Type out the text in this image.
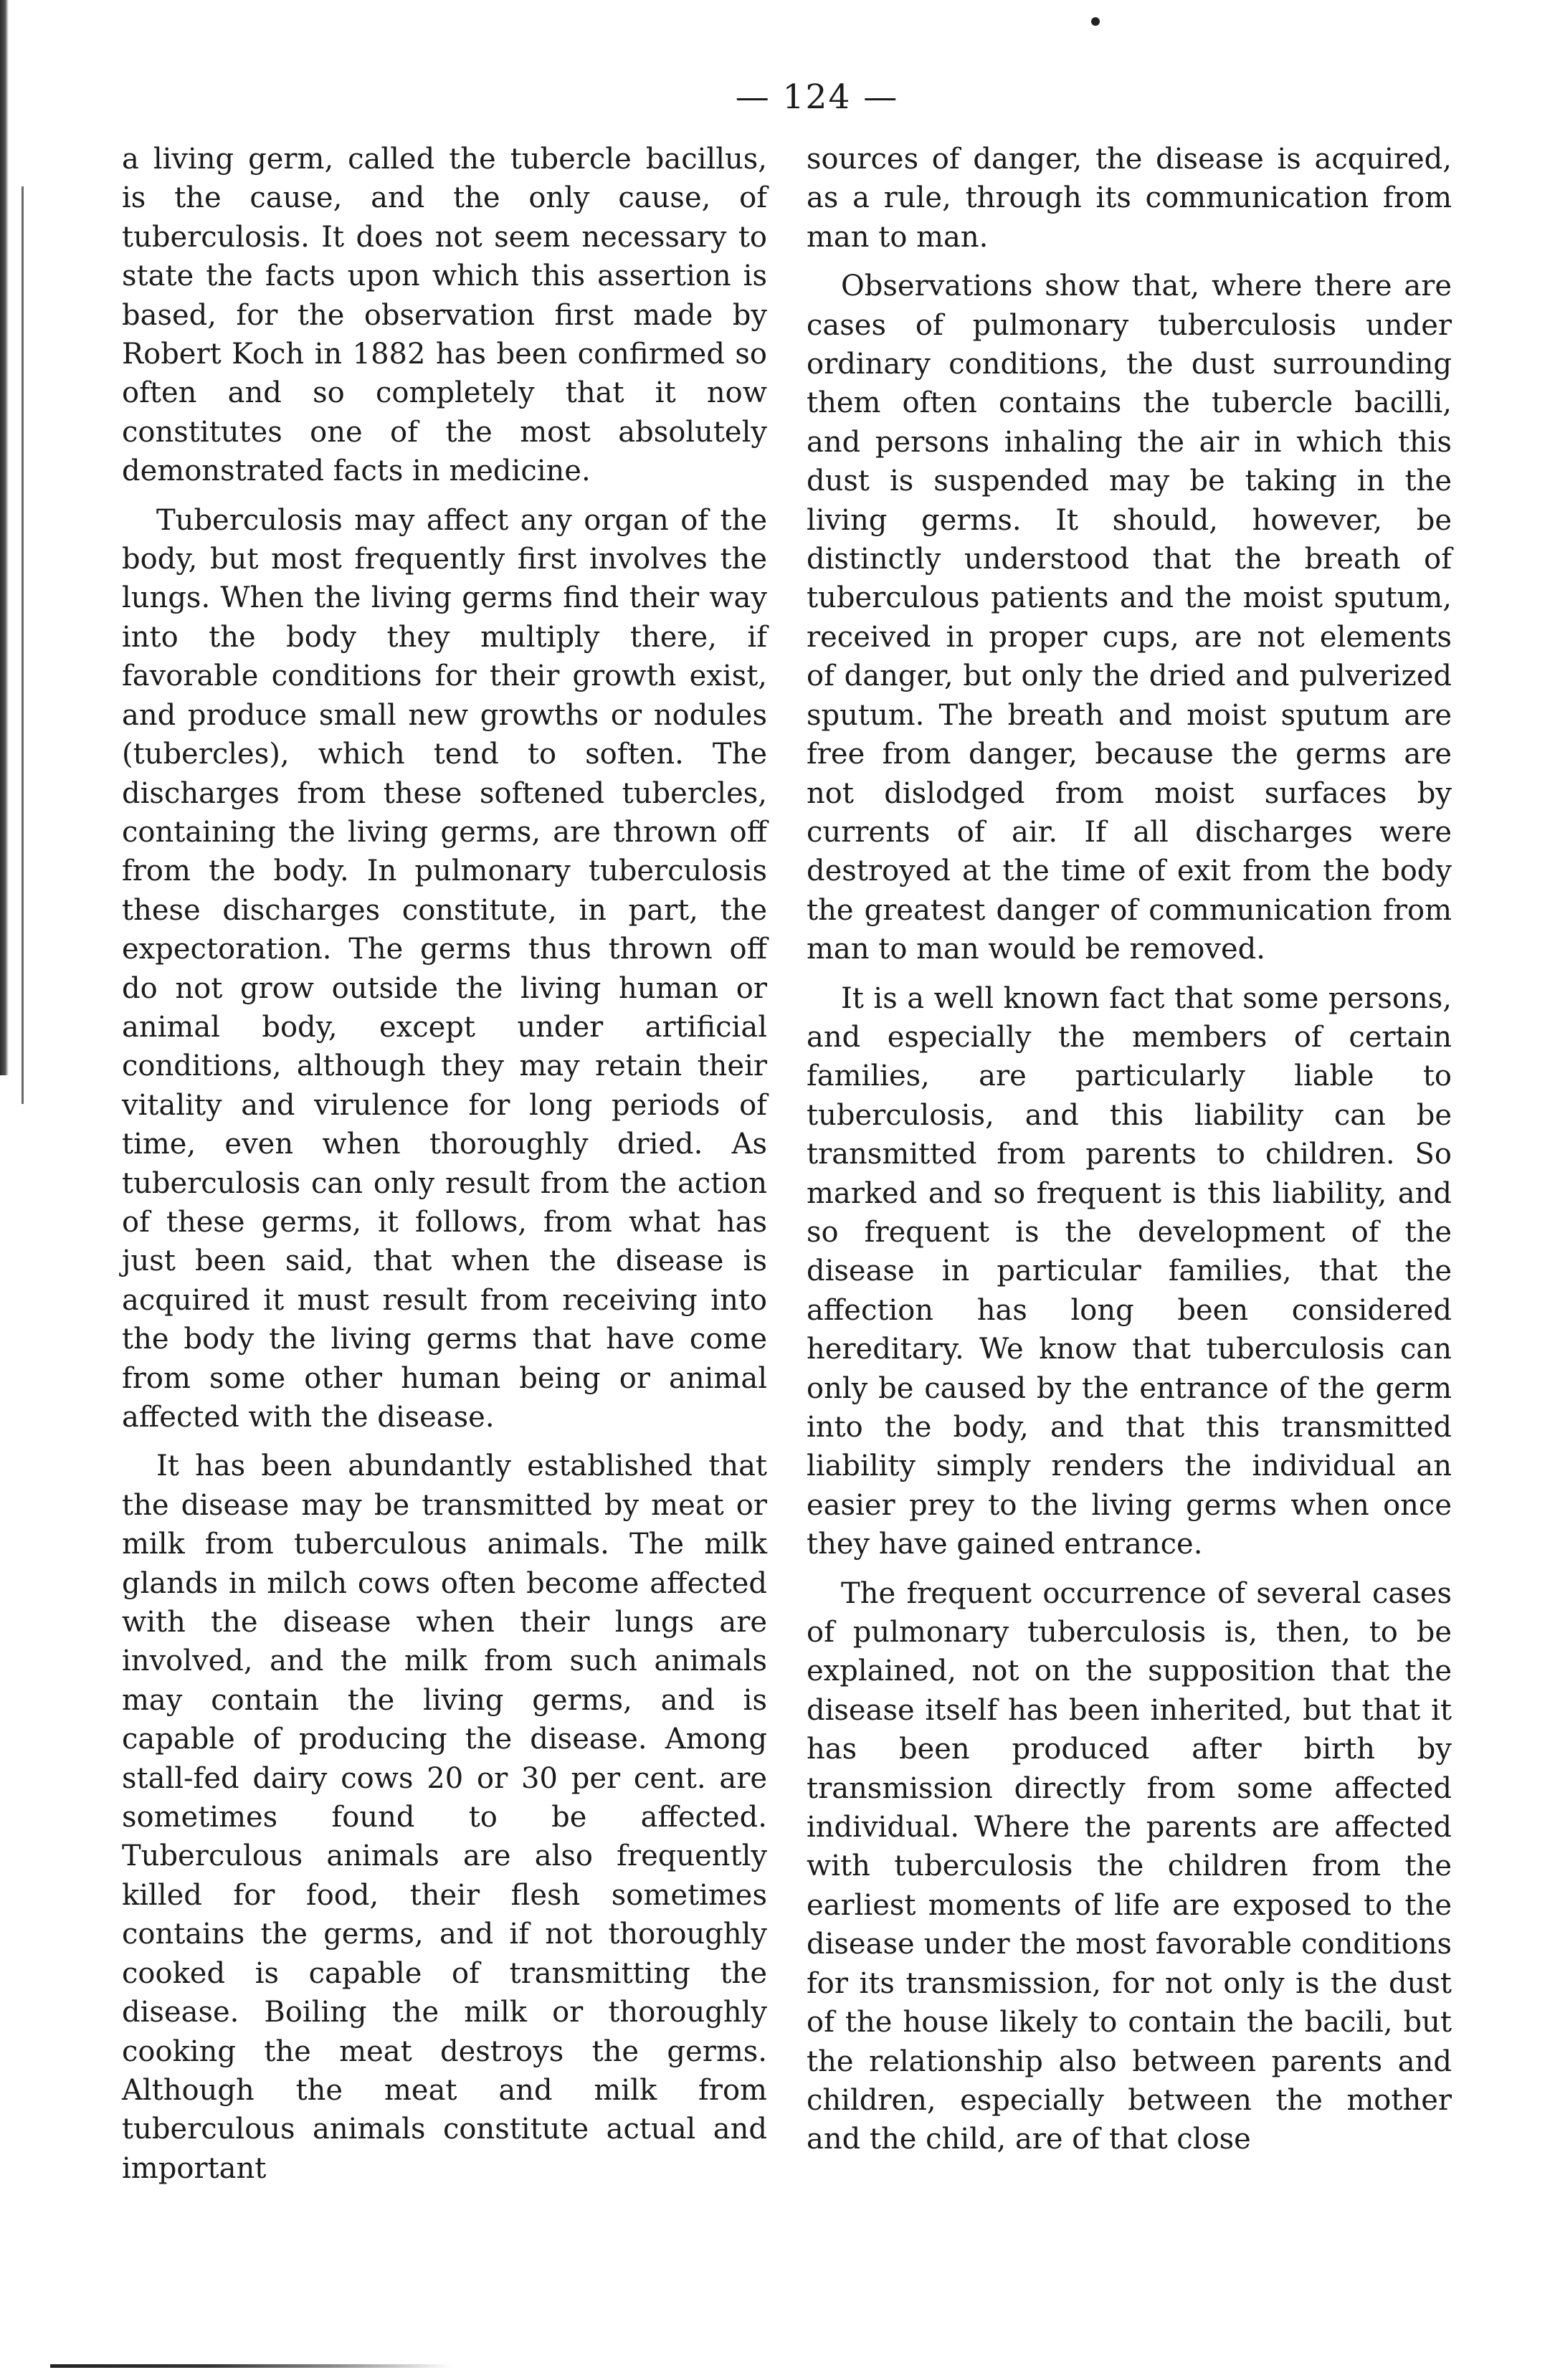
— 124 —

a living germ, called the tubercle bacillus, is the cause, and the only cause, of tuberculosis. It does not seem necessary to state the facts upon which this assertion is based, for the observation first made by Robert Koch in 1882 has been confirmed so often and so completely that it now constitutes one of the most absolutely demonstrated facts in medicine.

Tuberculosis may affect any organ of the body, but most frequently first involves the lungs. When the living germs find their way into the body they multiply there, if favorable conditions for their growth exist, and produce small new growths or nodules (tubercles), which tend to soften. The discharges from these softened tubercles, containing the living germs, are thrown off from the body. In pulmonary tuberculosis these discharges constitute, in part, the expectoration. The germs thus thrown off do not grow outside the living human or animal body, except under artificial conditions, although they may retain their vitality and virulence for long periods of time, even when thoroughly dried. As tuberculosis can only result from the action of these germs, it follows, from what has just been said, that when the disease is acquired it must result from receiving into the body the living germs that have come from some other human being or animal affected with the disease.

It has been abundantly established that the disease may be transmitted by meat or milk from tuberculous animals. The milk glands in milch cows often become affected with the disease when their lungs are involved, and the milk from such animals may contain the living germs, and is capable of producing the disease. Among stall-fed dairy cows 20 or 30 per cent. are sometimes found to be affected. Tuberculous animals are also frequently killed for food, their flesh sometimes contains the germs, and if not thoroughly cooked is capable of transmitting the disease. Boiling the milk or thoroughly cooking the meat destroys the germs. Although the meat and milk from tuberculous animals constitute actual and important

sources of danger, the disease is acquired, as a rule, through its communication from man to man.

Observations show that, where there are cases of pulmonary tuberculosis under ordinary conditions, the dust surrounding them often contains the tubercle bacilli, and persons inhaling the air in which this dust is suspended may be taking in the living germs. It should, however, be distinctly understood that the breath of tuberculous patients and the moist sputum, received in proper cups, are not elements of danger, but only the dried and pulverized sputum. The breath and moist sputum are free from danger, because the germs are not dislodged from moist surfaces by currents of air. If all discharges were destroyed at the time of exit from the body the greatest danger of communication from man to man would be removed.

It is a well known fact that some persons, and especially the members of certain families, are particularly liable to tuberculosis, and this liability can be transmitted from parents to children. So marked and so frequent is this liability, and so frequent is the development of the disease in particular families, that the affection has long been considered hereditary. We know that tuberculosis can only be caused by the entrance of the germ into the body, and that this transmitted liability simply renders the individual an easier prey to the living germs when once they have gained entrance.

The frequent occurrence of several cases of pulmonary tuberculosis is, then, to be explained, not on the supposition that the disease itself has been inherited, but that it has been produced after birth by transmission directly from some affected individual. Where the parents are affected with tuberculosis the children from the earliest moments of life are exposed to the disease under the most favorable conditions for its transmission, for not only is the dust of the house likely to contain the bacili, but the relationship also between parents and children, especially between the mother and the child, are of that close
